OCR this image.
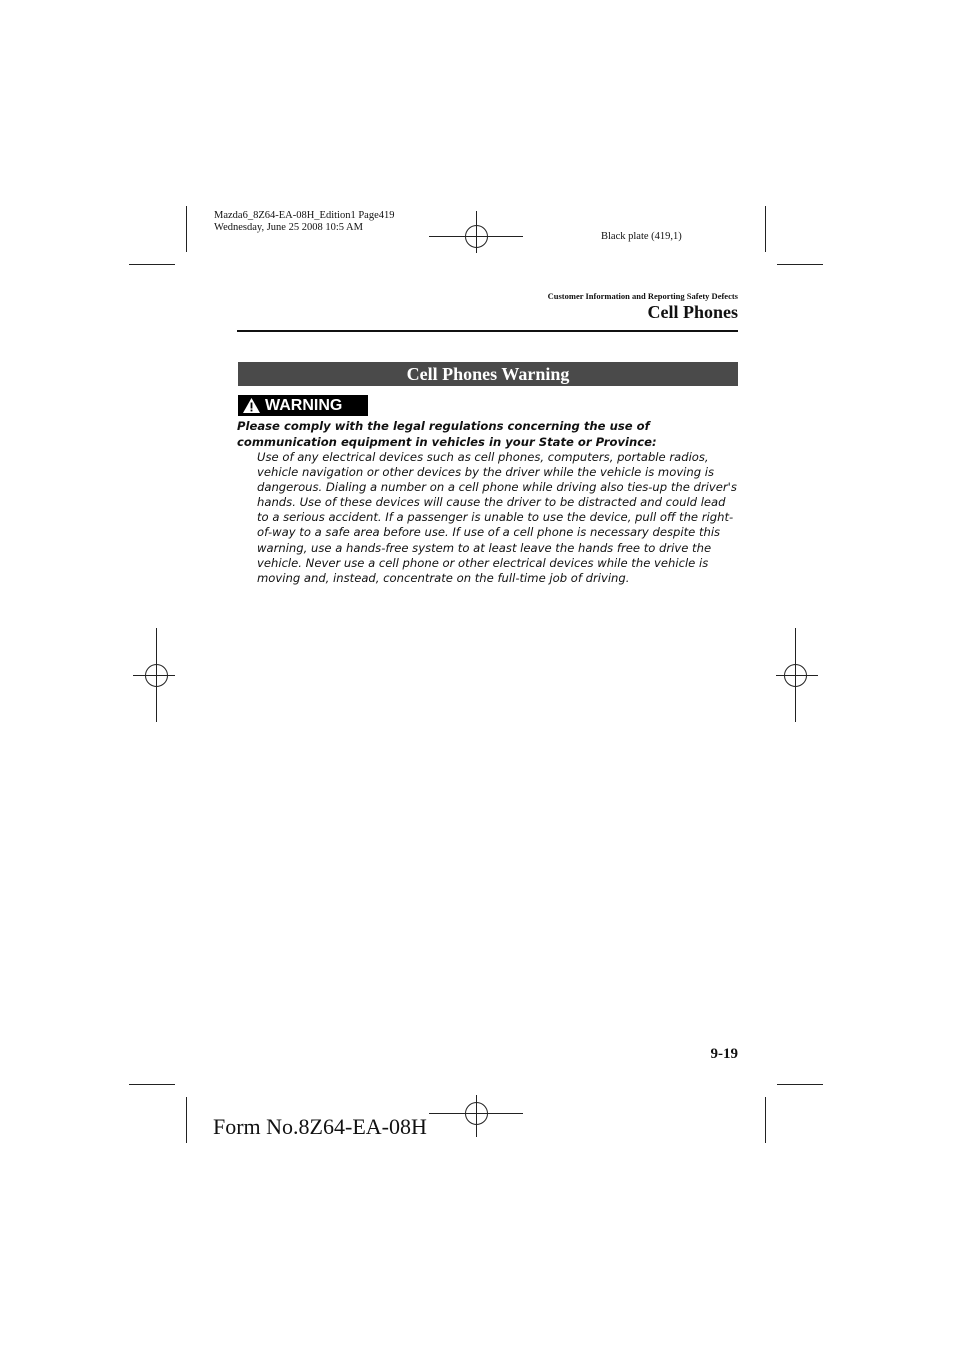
Mazda6_8Z64-EA-08H_Edition1 Page419
Wednesday, June 25 2008 10:5 AM
Black plate (419,1)
Customer Information and Reporting Safety Defects
Cell Phones
Cell Phones Warning
WARNING
Please comply with the legal regulations concerning the use of communication equipment in vehicles in your State or Province:
Use of any electrical devices such as cell phones, computers, portable radios, vehicle navigation or other devices by the driver while the vehicle is moving is dangerous. Dialing a number on a cell phone while driving also ties-up the driver's hands. Use of these devices will cause the driver to be distracted and could lead to a serious accident. If a passenger is unable to use the device, pull off the right-of-way to a safe area before use. If use of a cell phone is necessary despite this warning, use a hands-free system to at least leave the hands free to drive the vehicle. Never use a cell phone or other electrical devices while the vehicle is moving and, instead, concentrate on the full-time job of driving.
9-19
Form No.8Z64-EA-08H
